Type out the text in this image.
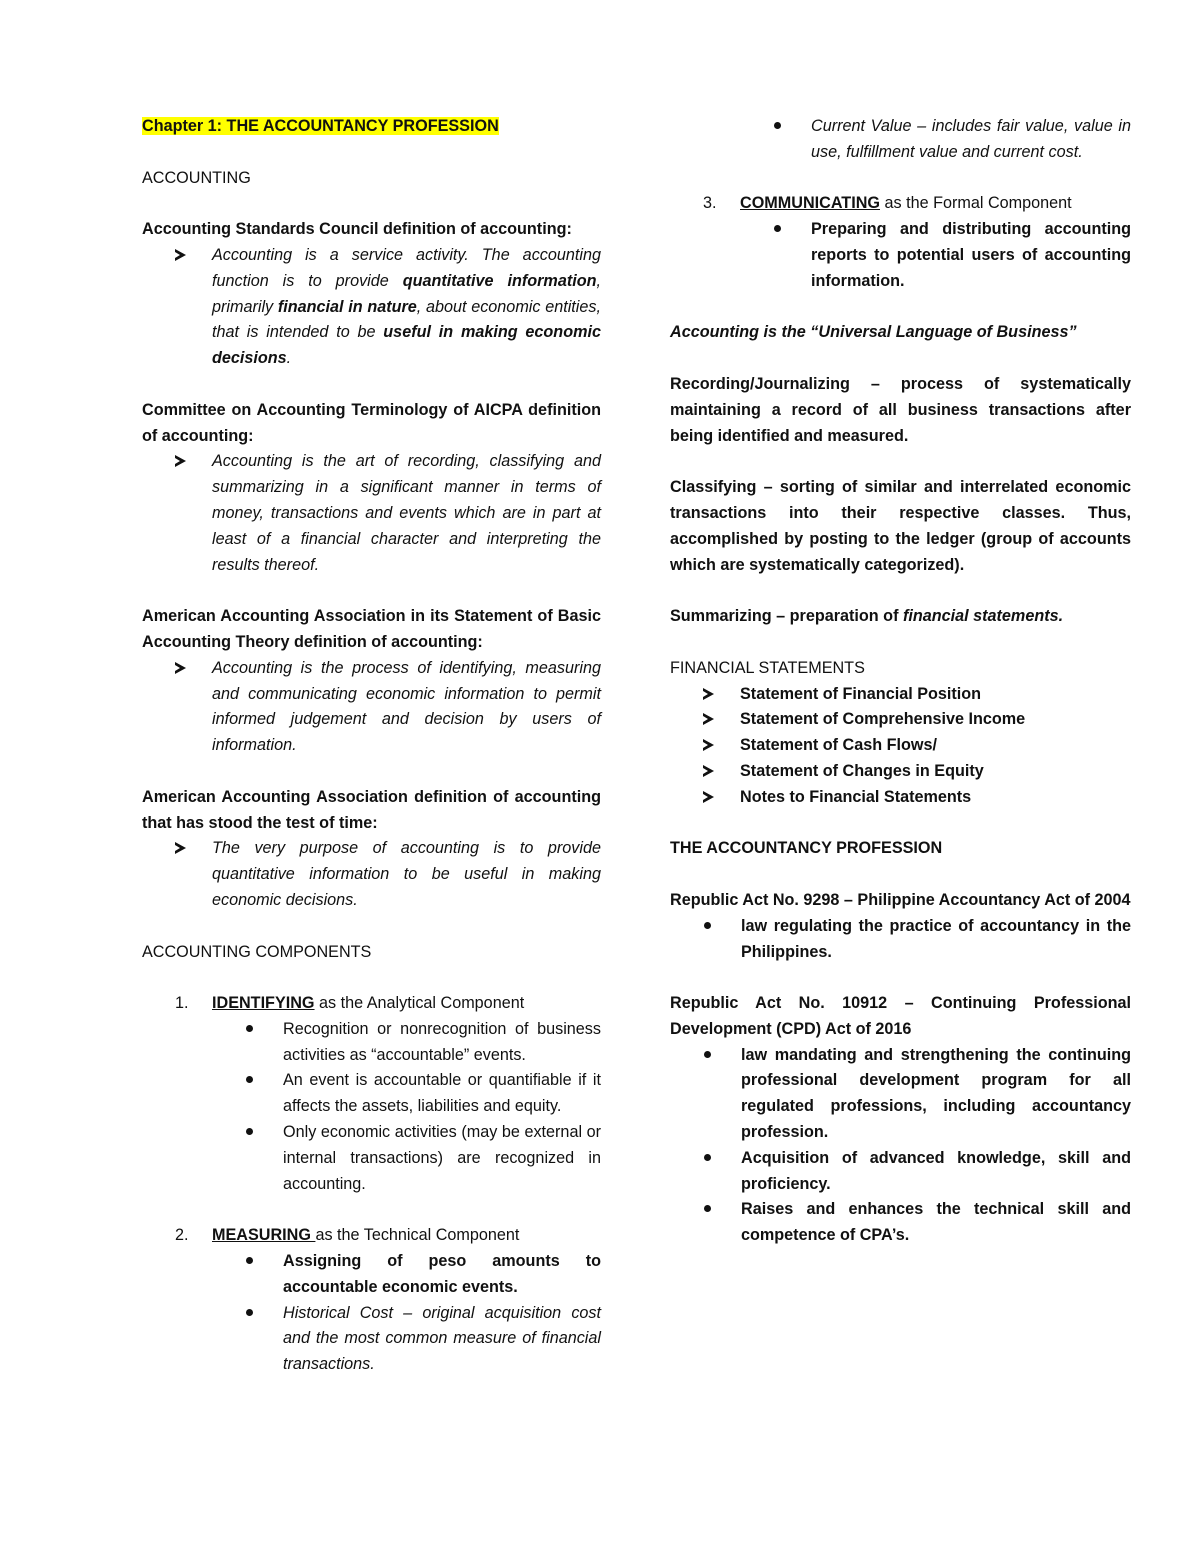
Chapter 1: THE ACCOUNTANCY PROFESSION

ACCOUNTING

Accounting Standards Council definition of accounting:

Accounting is a service activity. The accounting function is to provide quantitative information, primarily financial in nature, about economic entities, that is intended to be useful in making economic decisions.

Committee on Accounting Terminology of AICPA definition of accounting:

Accounting is the art of recording, classifying and summarizing in a significant manner in terms of money, transactions and events which are in part at least of a financial character and interpreting the results thereof.

American Accounting Association in its Statement of Basic Accounting Theory definition of accounting:

Accounting is the process of identifying, measuring and communicating economic information to permit informed judgement and decision by users of information.

American Accounting Association definition of accounting that has stood the test of time:

The very purpose of accounting is to provide quantitative information to be useful in making economic decisions.

ACCOUNTING COMPONENTS

1. IDENTIFYING as the Analytical Component
Recognition or nonrecognition of business activities as “accountable” events.
An event is accountable or quantifiable if it affects the assets, liabilities and equity.
Only economic activities (may be external or internal transactions) are recognized in accounting.
2. MEASURING as the Technical Component
Assigning of peso amounts to accountable economic events.
Historical Cost – original acquisition cost and the most common measure of financial transactions.
Current Value – includes fair value, value in use, fulfillment value and current cost.
3. COMMUNICATING as the Formal Component
Preparing and distributing accounting reports to potential users of accounting information.

Accounting is the “Universal Language of Business”

Recording/Journalizing – process of systematically maintaining a record of all business transactions after being identified and measured.

Classifying – sorting of similar and interrelated economic transactions into their respective classes. Thus, accomplished by posting to the ledger (group of accounts which are systematically categorized).

Summarizing – preparation of financial statements.

FINANCIAL STATEMENTS

Statement of Financial Position
Statement of Comprehensive Income
Statement of Cash Flows/
Statement of Changes in Equity
Notes to Financial Statements

THE ACCOUNTANCY PROFESSION

Republic Act No. 9298 – Philippine Accountancy Act of 2004

law regulating the practice of accountancy in the Philippines.

Republic Act No. 10912 – Continuing Professional Development (CPD) Act of 2016

law mandating and strengthening the continuing professional development program for all regulated professions, including accountancy profession.
Acquisition of advanced knowledge, skill and proficiency.
Raises and enhances the technical skill and competence of CPA’s.
